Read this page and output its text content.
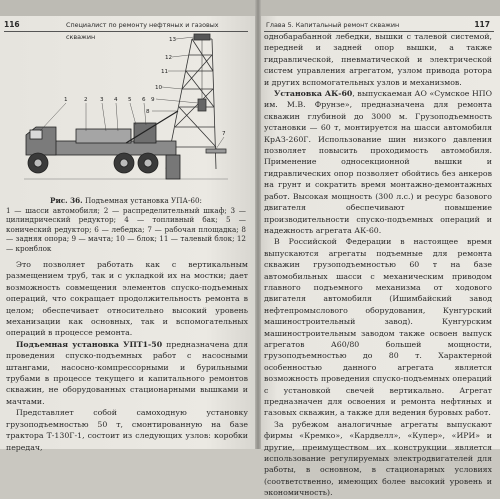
116	Специалист по ремонту нефтяных и газовых скважин	13
12
11
10
9
8
1	2 3 4 5 6
7
Рис. 36. Подъемная установка УПА-60:
1 — шасси автомобиля; 2 — распределительный шкаф; 3 — цилиндрический редуктор; 4 — топливный бак; 5 — конический редуктор; 6 — лебедка; 7 — рабочая площадка; 8 — задняя опора; 9 — мачта; 10 — блок; 11 — талевый блок; 12 — кронблок

Это позволяет работать как с вертикальным размещением труб, так и с укладкой их на мостки; дает возможность совмещения элементов спуско-подъемных операций, что сокращает продолжительность ремонта в целом; обеспечивает относительно высокий уровень механизации как основных, так и вспомогательных операций в процессе ремонта.

Подъемная установка УПТ1-50 предназначена для проведения спуско-подъемных работ с насосными штангами, насосно-компрессорными и бурильными трубами в процессе текущего и капитального ремонтов скважин, не оборудованных стационарными вышками и мачтами.

Представляет собой самоходную установку грузоподъемностью 50 т, смонтированную на базе трактора Т-130Г-1, состоит из следующих узлов: коробки передач,

Глава 5. Капитальный ремонт скважин	117

однобарабанной лебедки, вышки с талевой системой, передней и задней опор вышки, а также гидравлической, пневматической и электрической систем управления агрегатом, узлом привода ротора и других вспомогательных узлов и механизмов.

Установка АК-60, выпускаемая АО «Сумское НПО им. М.В. Фрунзе», предназначена для ремонта скважин глубиной до 3000 м. Грузоподъемность установки — 60 т, монтируется на шасси автомобиля КрАЗ-260Г. Использование шин низкого давления позволяет повысить проходимость автомобиля. Применение односекционной вышки и гидравлических опор позволяет обойтись без анкеров на грунт и сократить время монтажно-демонтажных работ. Высокая мощность (300 л.с.) и ресурс базового двигателя обеспечивают повышение производительности спуско-подъемных операций и надежность агрегата АК-60.

В Российской Федерации в настоящее время выпускаются агрегаты подъемные для ремонта скважин грузоподъемностью 60 т на базе автомобильных шасси с механическим приводом главного подъемного механизма от ходового двигателя автомобиля (Ишимбайский завод нефтепромыслового оборудования, Кунгурский машиностроительный завод). Кунгурским машиностроительным заводом также освоен выпуск агрегатов А60/80 большей мощности, грузоподъемностью до 80 т. Характерной особенностью данного агрегата является возможность проведения спуско-подъемных операций с установкой свечей вертикально. Агрегат предназначен для освоения и ремонта нефтяных и газовых скважин, а также для ведения буровых работ.

За рубежом аналогичные агрегаты выпускают фирмы «Кремко», «Кардвелл», «Купер», «ИРИ» и другие, преимуществом их конструкции является использование регулируемых электродвигателей для работы, в основном, в стационарных условиях (соответственно, имеющих более высокий уровень и экономичность).
